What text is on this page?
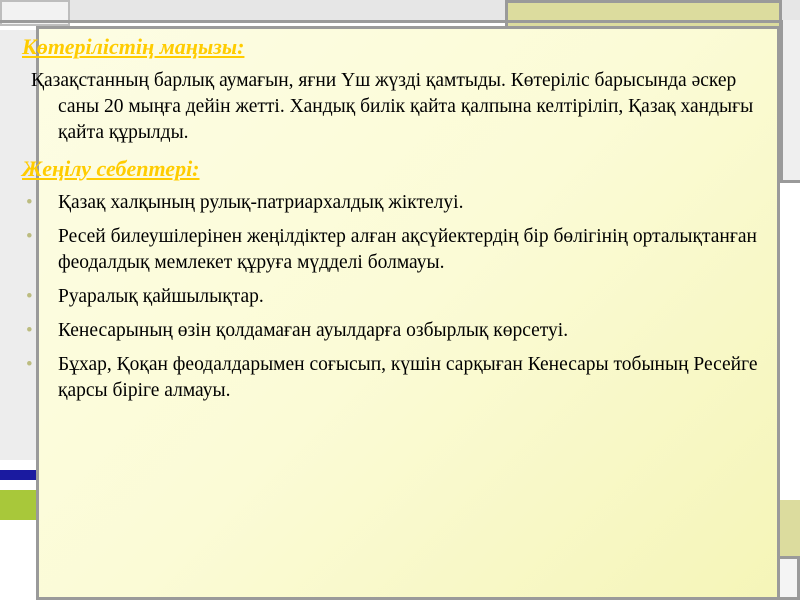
Көтерілістің маңызы:

Қазақстанның барлық аумағын, яғни Үш жүзді қамтыды. Көтеріліс барысында әскер саны 20 мыңға дейін жетті. Хандық билік қайта қалпына келтіріліп, Қазақ хандығы қайта құрылды.

Жеңілу себептері:
• Қазақ халқының рулық-патриархалдық жіктелуі.
• Ресей билеушілерінен жеңілдіктер алған ақсүйектердің бір бөлігінің орталықтанған феодалдық мемлекет құруға мүдделі болмауы.
• Руаралық қайшылықтар.
• Кенесарының өзін қолдамаған ауылдарға озбырлық көрсетуі.
• Бұхар, Қоқан феодалдарымен соғысып, күшін сарқыған Кенесары тобының Ресейге қарсы біріге алмауы.
